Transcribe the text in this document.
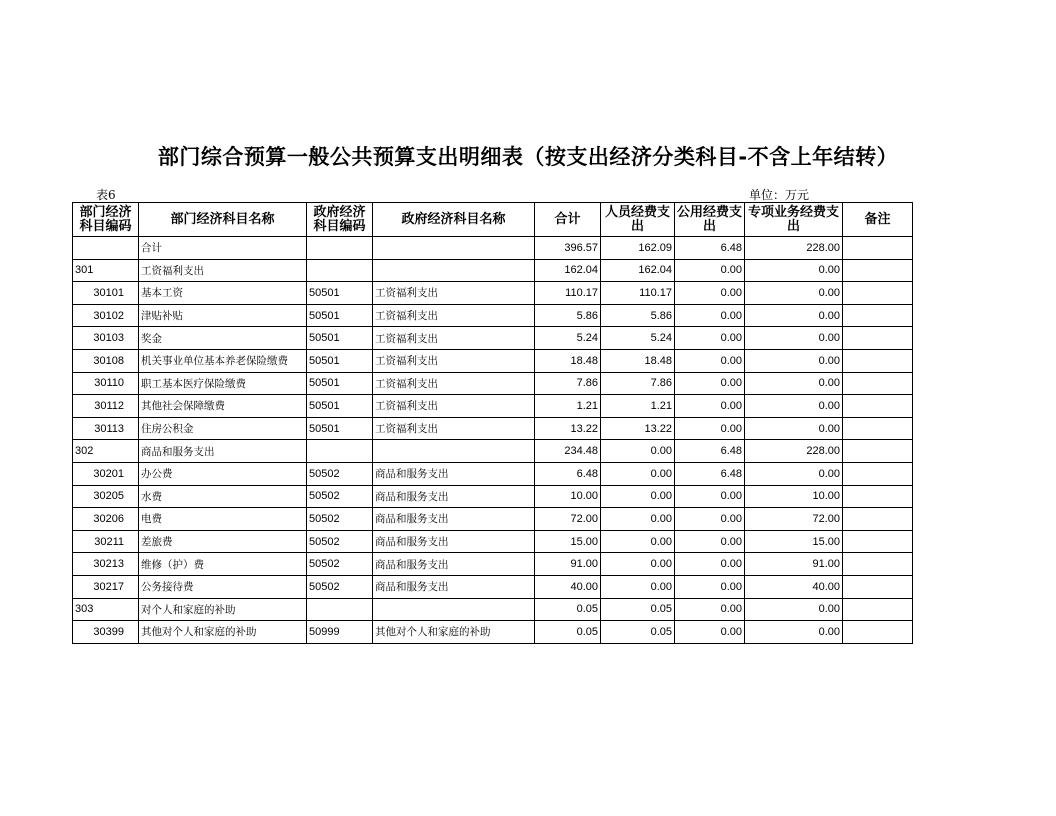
部门综合预算一般公共预算支出明细表（按支出经济分类科目-不含上年结转）
表6	单位：万元
部门经济科目编码	部门经济科目名称	政府经济科目编码	政府经济科目名称	合计	人员经费支出	公用经费支出	专项业务经费支出	备注
	合计			396.57	162.09	6.48	228.00	
301	工资福利支出			162.04	162.04	0.00	0.00	
30101	基本工资	50501	工资福利支出	110.17	110.17	0.00	0.00	
30102	津贴补贴	50501	工资福利支出	5.86	5.86	0.00	0.00	
30103	奖金	50501	工资福利支出	5.24	5.24	0.00	0.00	
30108	机关事业单位基本养老保险缴费	50501	工资福利支出	18.48	18.48	0.00	0.00	
30110	职工基本医疗保险缴费	50501	工资福利支出	7.86	7.86	0.00	0.00	
30112	其他社会保障缴费	50501	工资福利支出	1.21	1.21	0.00	0.00	
30113	住房公积金	50501	工资福利支出	13.22	13.22	0.00	0.00	
302	商品和服务支出			234.48	0.00	6.48	228.00	
30201	办公费	50502	商品和服务支出	6.48	0.00	6.48	0.00	
30205	水费	50502	商品和服务支出	10.00	0.00	0.00	10.00	
30206	电费	50502	商品和服务支出	72.00	0.00	0.00	72.00	
30211	差旅费	50502	商品和服务支出	15.00	0.00	0.00	15.00	
30213	维修（护）费	50502	商品和服务支出	91.00	0.00	0.00	91.00	
30217	公务接待费	50502	商品和服务支出	40.00	0.00	0.00	40.00	
303	对个人和家庭的补助			0.05	0.05	0.00	0.00	
30399	其他对个人和家庭的补助	50999	其他对个人和家庭的补助	0.05	0.05	0.00	0.00	
